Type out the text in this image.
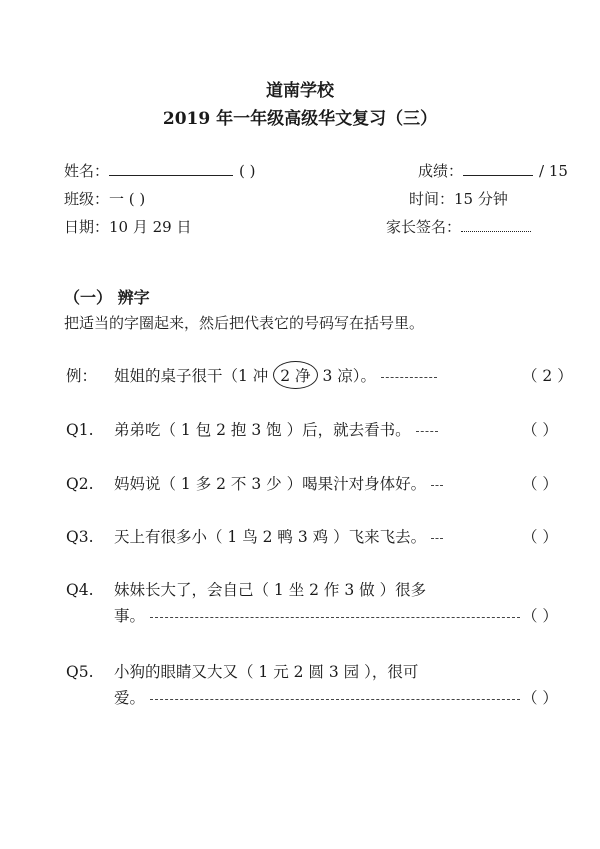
道南学校
2019 年一年级高级华文复习（三）
姓名：	( )	成绩：	/ 15
班级：一 ( )	时间：15 分钟
日期：10 月 29 日	家长签名：
（一） 辨字
把适当的字圈起来，然后把代表它的号码写在括号里。
例： 姐姐的桌子很干（1 冲 2 净 3 凉）。	（ 2 ）
Q1. 弟弟吃（ 1 包 2 抱 3 饱 ）后，就去看书。	（ ）
Q2. 妈妈说（ 1 多 2 不 3 少 ）喝果汁对身体好。	（ ）
Q3. 天上有很多小（ 1 鸟 2 鸭 3 鸡 ）飞来飞去。	（ ）
Q4. 妹妹长大了，会自己（ 1 坐 2 作 3 做 ）很多
事。	（ ）
Q5. 小狗的眼睛又大又（ 1 元 2 圆 3 园 ），很可
爱。	（ ）
